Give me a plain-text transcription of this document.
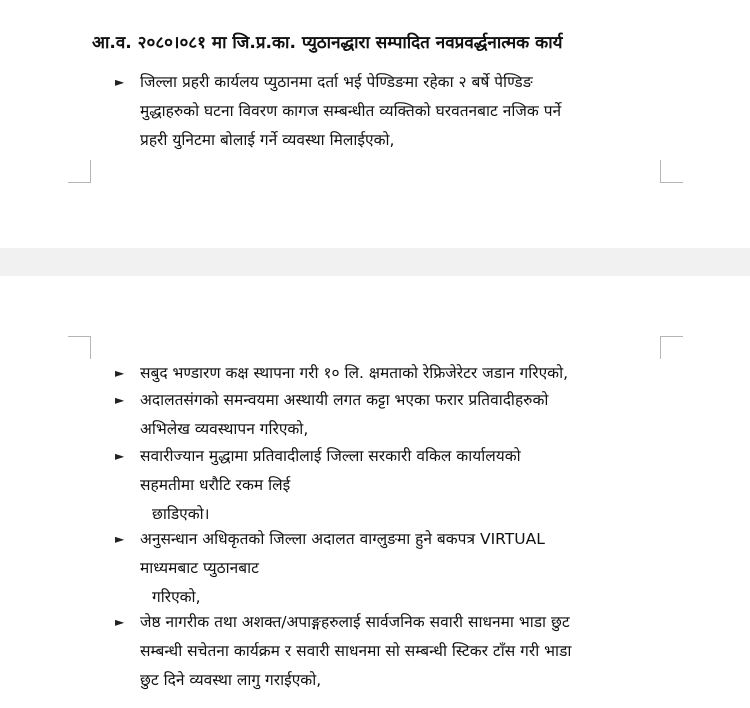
आ.व. २०८०।०८१ मा जि.प्र.का. प्युठानद्धारा सम्पादित नवप्रवर्द्धनात्मक कार्य
► जिल्ला प्रहरी कार्यलय प्युठानमा दर्ता भई पेण्डिङमा रहेका २ बर्षे पेण्डिङ
मुद्धाहरुको घटना विवरण कागज सम्बन्धीत व्यक्तिको घरवतनबाट नजिक पर्ने
प्रहरी युनिटमा बोलाई गर्ने व्यवस्था मिलाईएको,
► सबुद भण्डारण कक्ष स्थापना गरी १० लि. क्षमताको रेफ्रिजेरेटर जडान गरिएको,
► अदालतसंगको समन्वयमा अस्थायी लगत कट्टा भएका फरार प्रतिवादीहरुको
अभिलेख व्यवस्थापन गरिएको,
► सवारीज्यान मुद्धामा प्रतिवादीलाई जिल्ला सरकारी वकिल कार्यालयको
सहमतीमा धरौटि रकम लिई
छाडिएको।
► अनुसन्धान अधिकृतको जिल्ला अदालत वाग्लुङमा हुने बकपत्र VIRTUAL
माध्यमबाट प्युठानबाट
गरिएको,
► जेष्ठ नागरीक तथा अशक्त/अपाङ्गहरुलाई सार्वजनिक सवारी साधनमा भाडा छुट
सम्बन्धी सचेतना कार्यक्रम र सवारी साधनमा सो सम्बन्धी स्टिकर टाँस गरी भाडा
छुट दिने व्यवस्था लागु गराईएको,
